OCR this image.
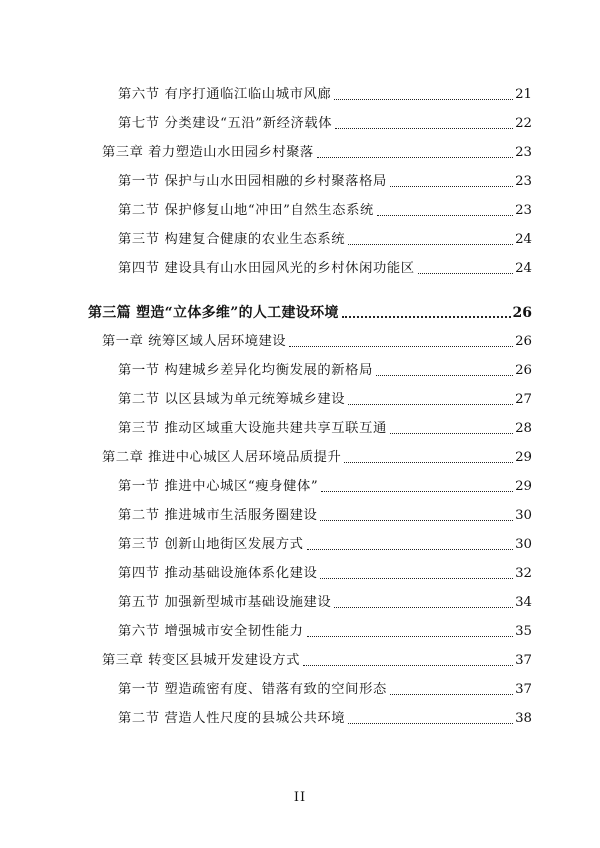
第六节 有序打通临江临山城市风廊	21
第七节 分类建设“五沿”新经济载体	22
第三章 着力塑造山水田园乡村聚落	23
第一节 保护与山水田园相融的乡村聚落格局	23
第二节 保护修复山地“冲田”自然生态系统	23
第三节 构建复合健康的农业生态系统	24
第四节 建设具有山水田园风光的乡村休闲功能区	24
第三篇 塑造“立体多维”的人工建设环境	26
第一章 统筹区域人居环境建设	26
第一节 构建城乡差异化均衡发展的新格局	26
第二节 以区县域为单元统筹城乡建设	27
第三节 推动区域重大设施共建共享互联互通	28
第二章 推进中心城区人居环境品质提升	29
第一节 推进中心城区“瘦身健体”	29
第二节 推进城市生活服务圈建设	30
第三节 创新山地街区发展方式	30
第四节 推动基础设施体系化建设	32
第五节 加强新型城市基础设施建设	34
第六节 增强城市安全韧性能力	35
第三章 转变区县城开发建设方式	37
第一节 塑造疏密有度、错落有致的空间形态	37
第二节 营造人性尺度的县城公共环境	38
II
